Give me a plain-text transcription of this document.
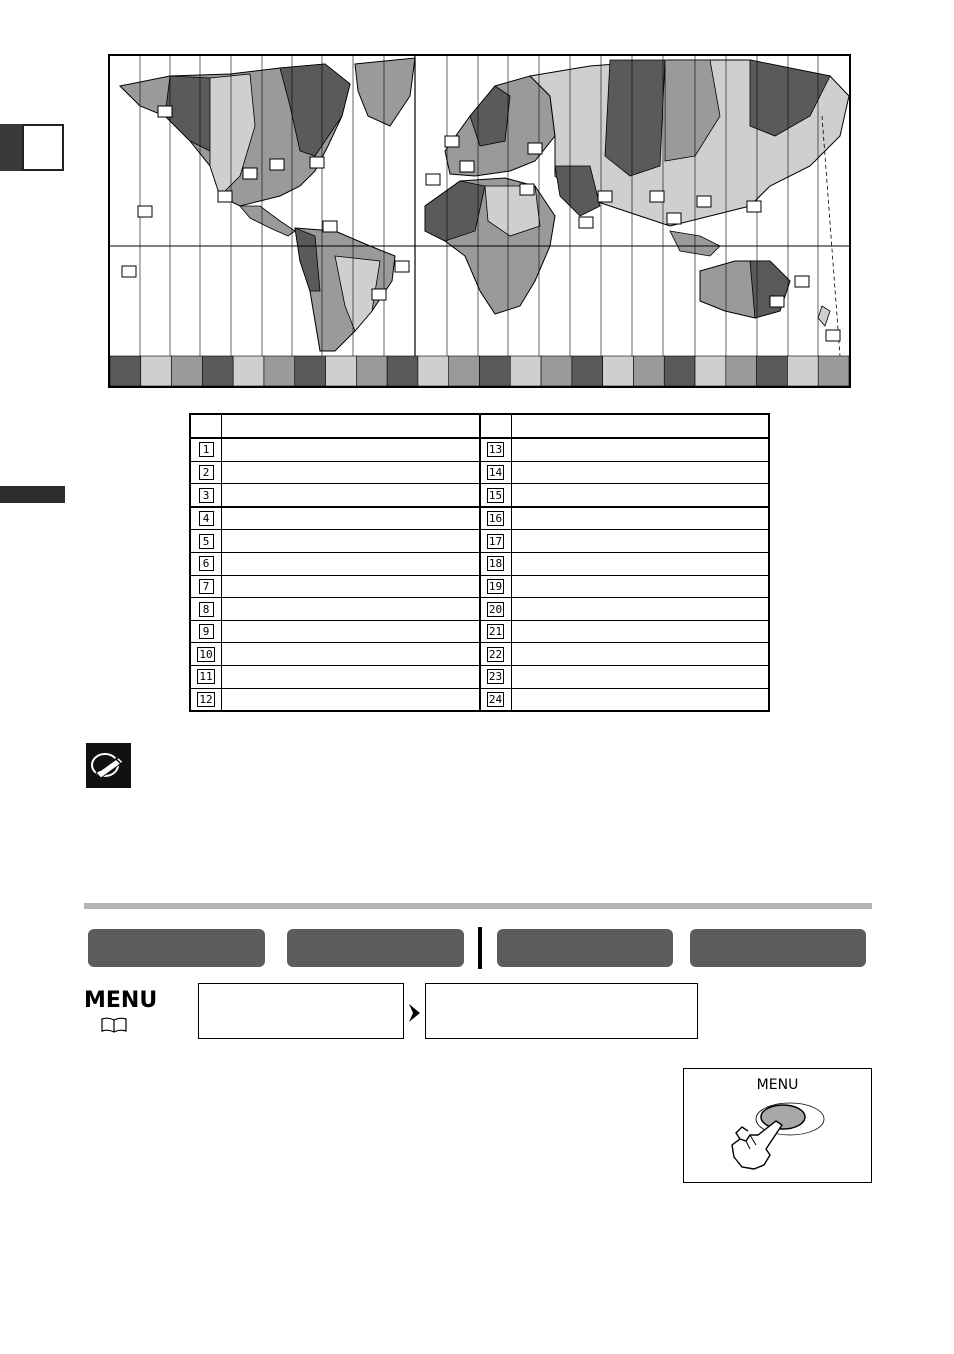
1		13	
2		14	
3		15	
4		16	
5		17	
6		18	
7		19	
8		20	
9		21	
10		22	
11		23	
12		24	
MENU
MENU
